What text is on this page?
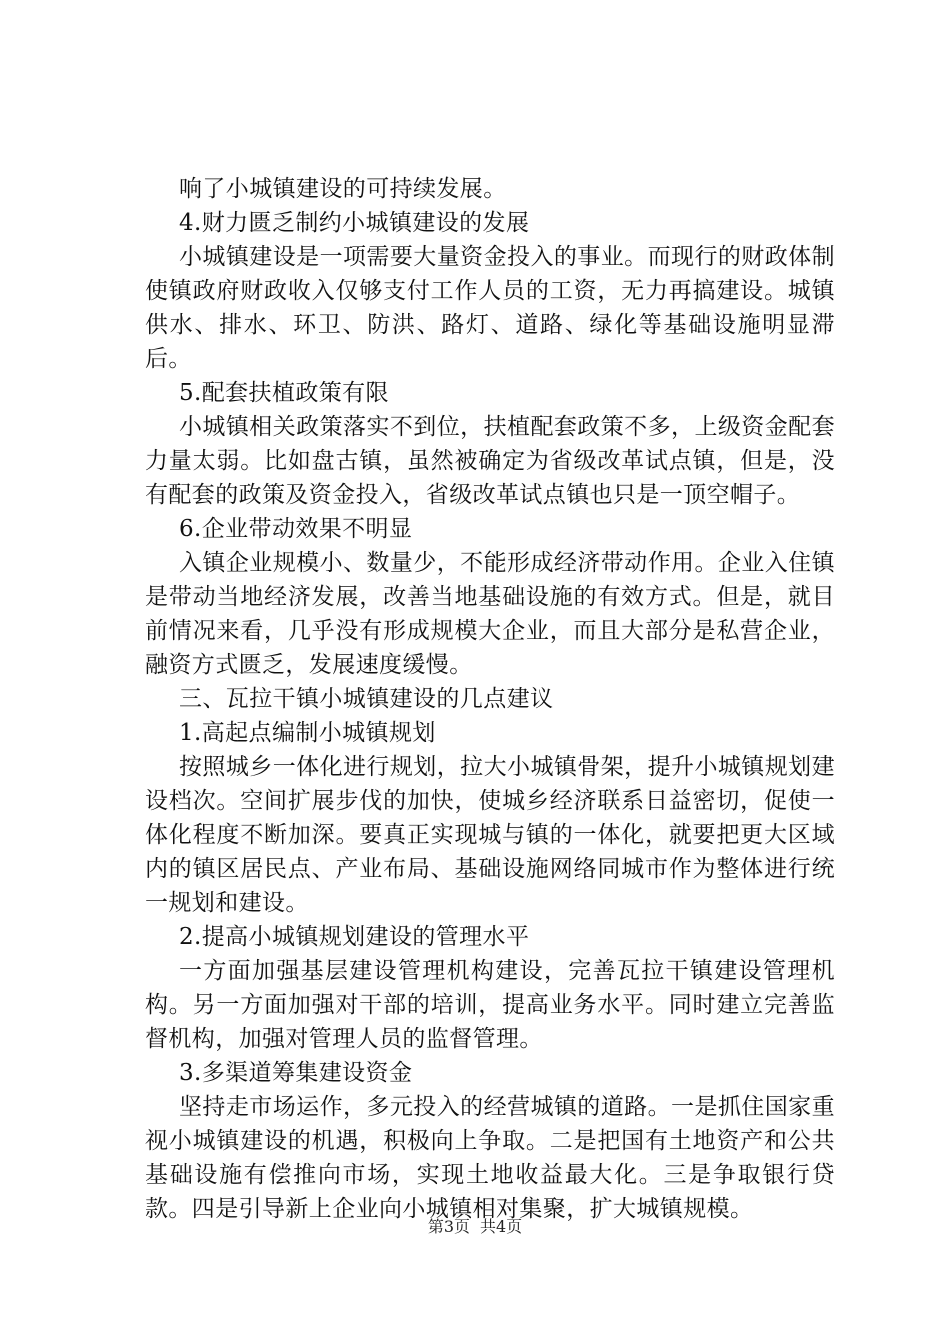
响了小城镇建设的可持续发展。

4.财力匮乏制约小城镇建设的发展

小城镇建设是一项需要大量资金投入的事业。而现行的财政体制使镇政府财政收入仅够支付工作人员的工资，无力再搞建设。城镇供水、排水、环卫、防洪、路灯、道路、绿化等基础设施明显滞后。

5.配套扶植政策有限

小城镇相关政策落实不到位，扶植配套政策不多，上级资金配套力量太弱。比如盘古镇，虽然被确定为省级改革试点镇，但是，没有配套的政策及资金投入，省级改革试点镇也只是一顶空帽子。

6.企业带动效果不明显

入镇企业规模小、数量少，不能形成经济带动作用。企业入住镇是带动当地经济发展，改善当地基础设施的有效方式。但是，就目前情况来看，几乎没有形成规模大企业，而且大部分是私营企业，融资方式匮乏，发展速度缓慢。

三、瓦拉干镇小城镇建设的几点建议

1.高起点编制小城镇规划

按照城乡一体化进行规划，拉大小城镇骨架，提升小城镇规划建设档次。空间扩展步伐的加快，使城乡经济联系日益密切，促使一体化程度不断加深。要真正实现城与镇的一体化，就要把更大区域内的镇区居民点、产业布局、基础设施网络同城市作为整体进行统一规划和建设。

2.提高小城镇规划建设的管理水平

一方面加强基层建设管理机构建设，完善瓦拉干镇建设管理机构。另一方面加强对干部的培训，提高业务水平。同时建立完善监督机构，加强对管理人员的监督管理。

3.多渠道筹集建设资金

坚持走市场运作，多元投入的经营城镇的道路。一是抓住国家重视小城镇建设的机遇，积极向上争取。二是把国有土地资产和公共基础设施有偿推向市场，实现土地收益最大化。三是争取银行贷款。四是引导新上企业向小城镇相对集聚，扩大城镇规模。

第3页 共4页
